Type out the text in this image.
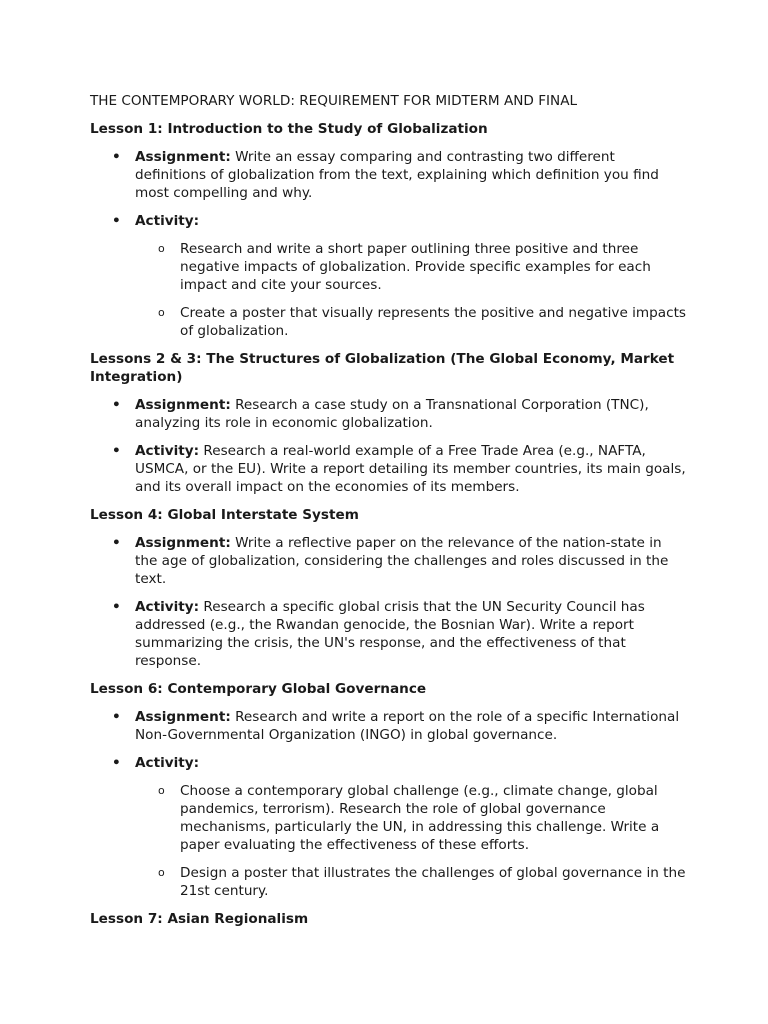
THE CONTEMPORARY WORLD: REQUIREMENT FOR MIDTERM AND FINAL

Lesson 1: Introduction to the Study of Globalization

• Assignment: Write an essay comparing and contrasting two different definitions of globalization from the text, explaining which definition you find most compelling and why.
• Activity:
o Research and write a short paper outlining three positive and three negative impacts of globalization. Provide specific examples for each impact and cite your sources.
o Create a poster that visually represents the positive and negative impacts of globalization.

Lessons 2 & 3: The Structures of Globalization (The Global Economy, Market Integration)

• Assignment: Research a case study on a Transnational Corporation (TNC), analyzing its role in economic globalization.
• Activity: Research a real-world example of a Free Trade Area (e.g., NAFTA, USMCA, or the EU). Write a report detailing its member countries, its main goals, and its overall impact on the economies of its members.

Lesson 4: Global Interstate System

• Assignment: Write a reflective paper on the relevance of the nation-state in the age of globalization, considering the challenges and roles discussed in the text.
• Activity: Research a specific global crisis that the UN Security Council has addressed (e.g., the Rwandan genocide, the Bosnian War). Write a report summarizing the crisis, the UN's response, and the effectiveness of that response.

Lesson 6: Contemporary Global Governance

• Assignment: Research and write a report on the role of a specific International Non-Governmental Organization (INGO) in global governance.
• Activity:
o Choose a contemporary global challenge (e.g., climate change, global pandemics, terrorism). Research the role of global governance mechanisms, particularly the UN, in addressing this challenge. Write a paper evaluating the effectiveness of these efforts.
o Design a poster that illustrates the challenges of global governance in the 21st century.

Lesson 7: Asian Regionalism
